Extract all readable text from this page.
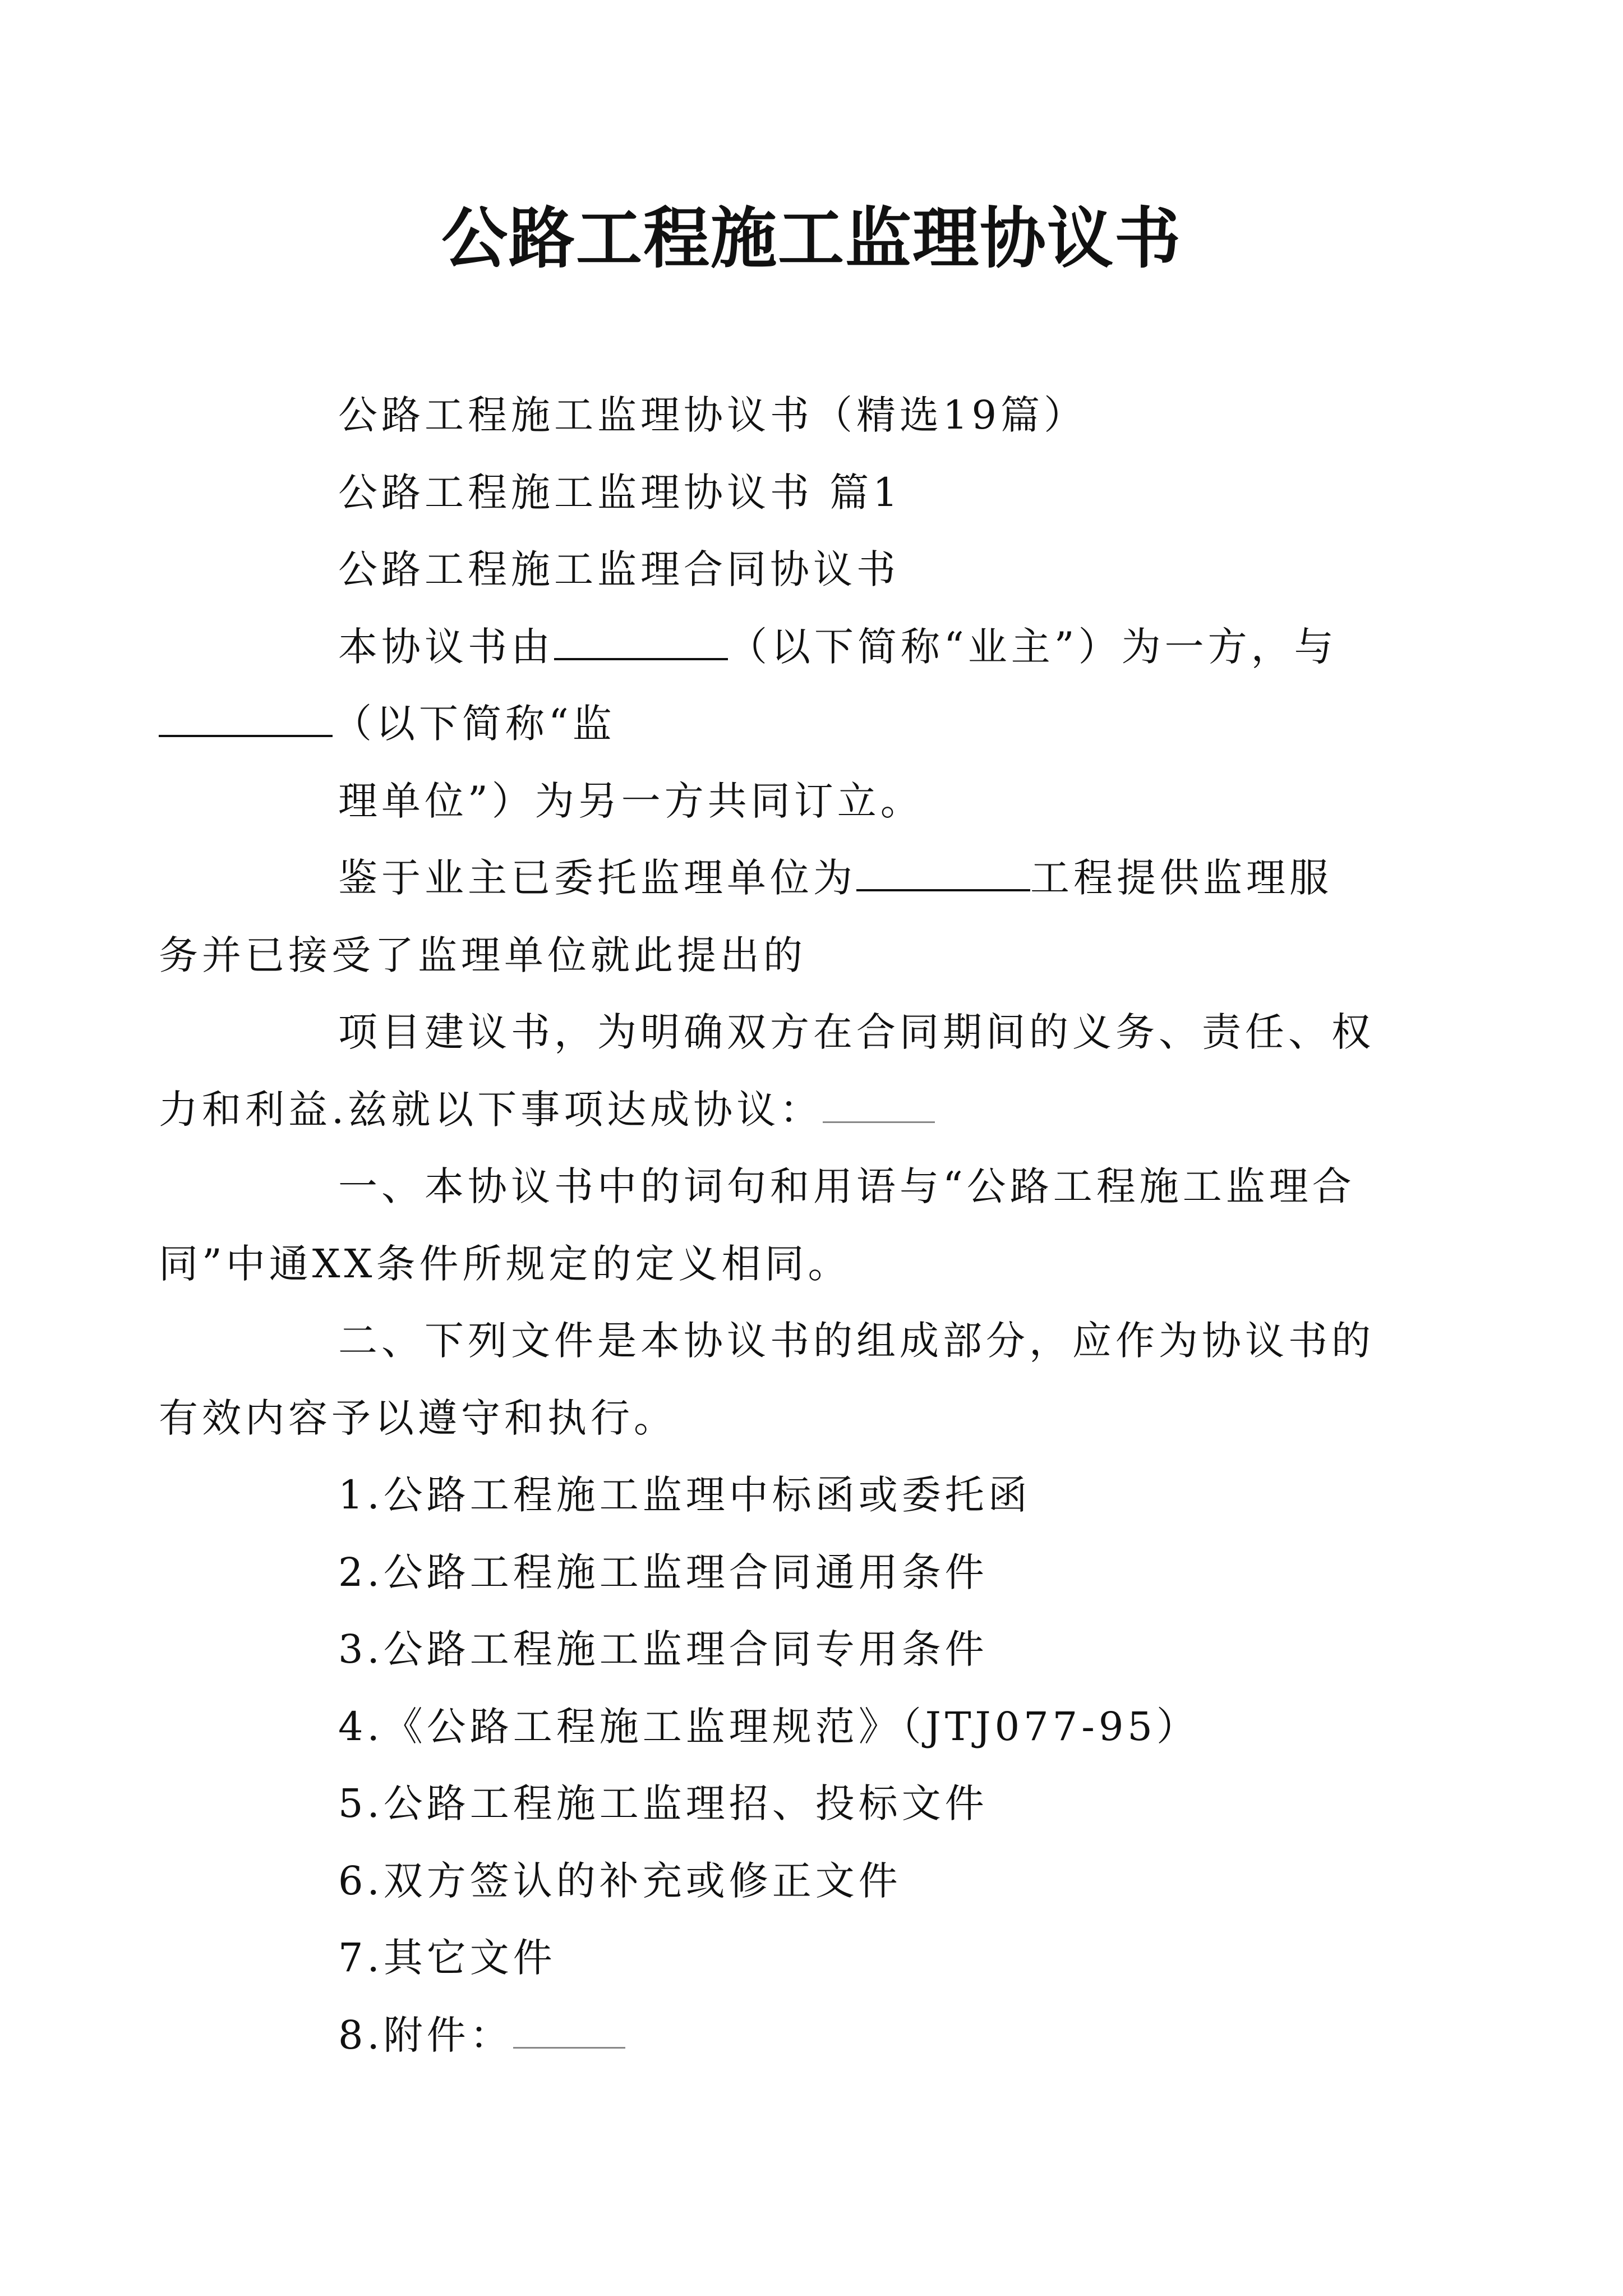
公路工程施工监理协议书

公路工程施工监理协议书（精选19篇）

公路工程施工监理协议书 篇1

公路工程施工监理合同协议书

本协议书由	（以下简称“业主”）为一方，与

（以下简称“监

理单位”）为另一方共同订立。

鉴于业主已委托监理单位为	工程提供监理服

务并已接受了监理单位就此提出的

项目建议书，为明确双方在合同期间的义务、责任、权

力和利益.兹就以下事项达成协议：

一、本协议书中的词句和用语与“公路工程施工监理合

同”中通XX条件所规定的定义相同。

二、下列文件是本协议书的组成部分，应作为协议书的

有效内容予以遵守和执行。

1.公路工程施工监理中标函或委托函

2.公路工程施工监理合同通用条件

3.公路工程施工监理合同专用条件

4.《公路工程施工监理规范》（JTJ077-95）

5.公路工程施工监理招、投标文件

6.双方签认的补充或修正文件

7.其它文件

8.附件：
